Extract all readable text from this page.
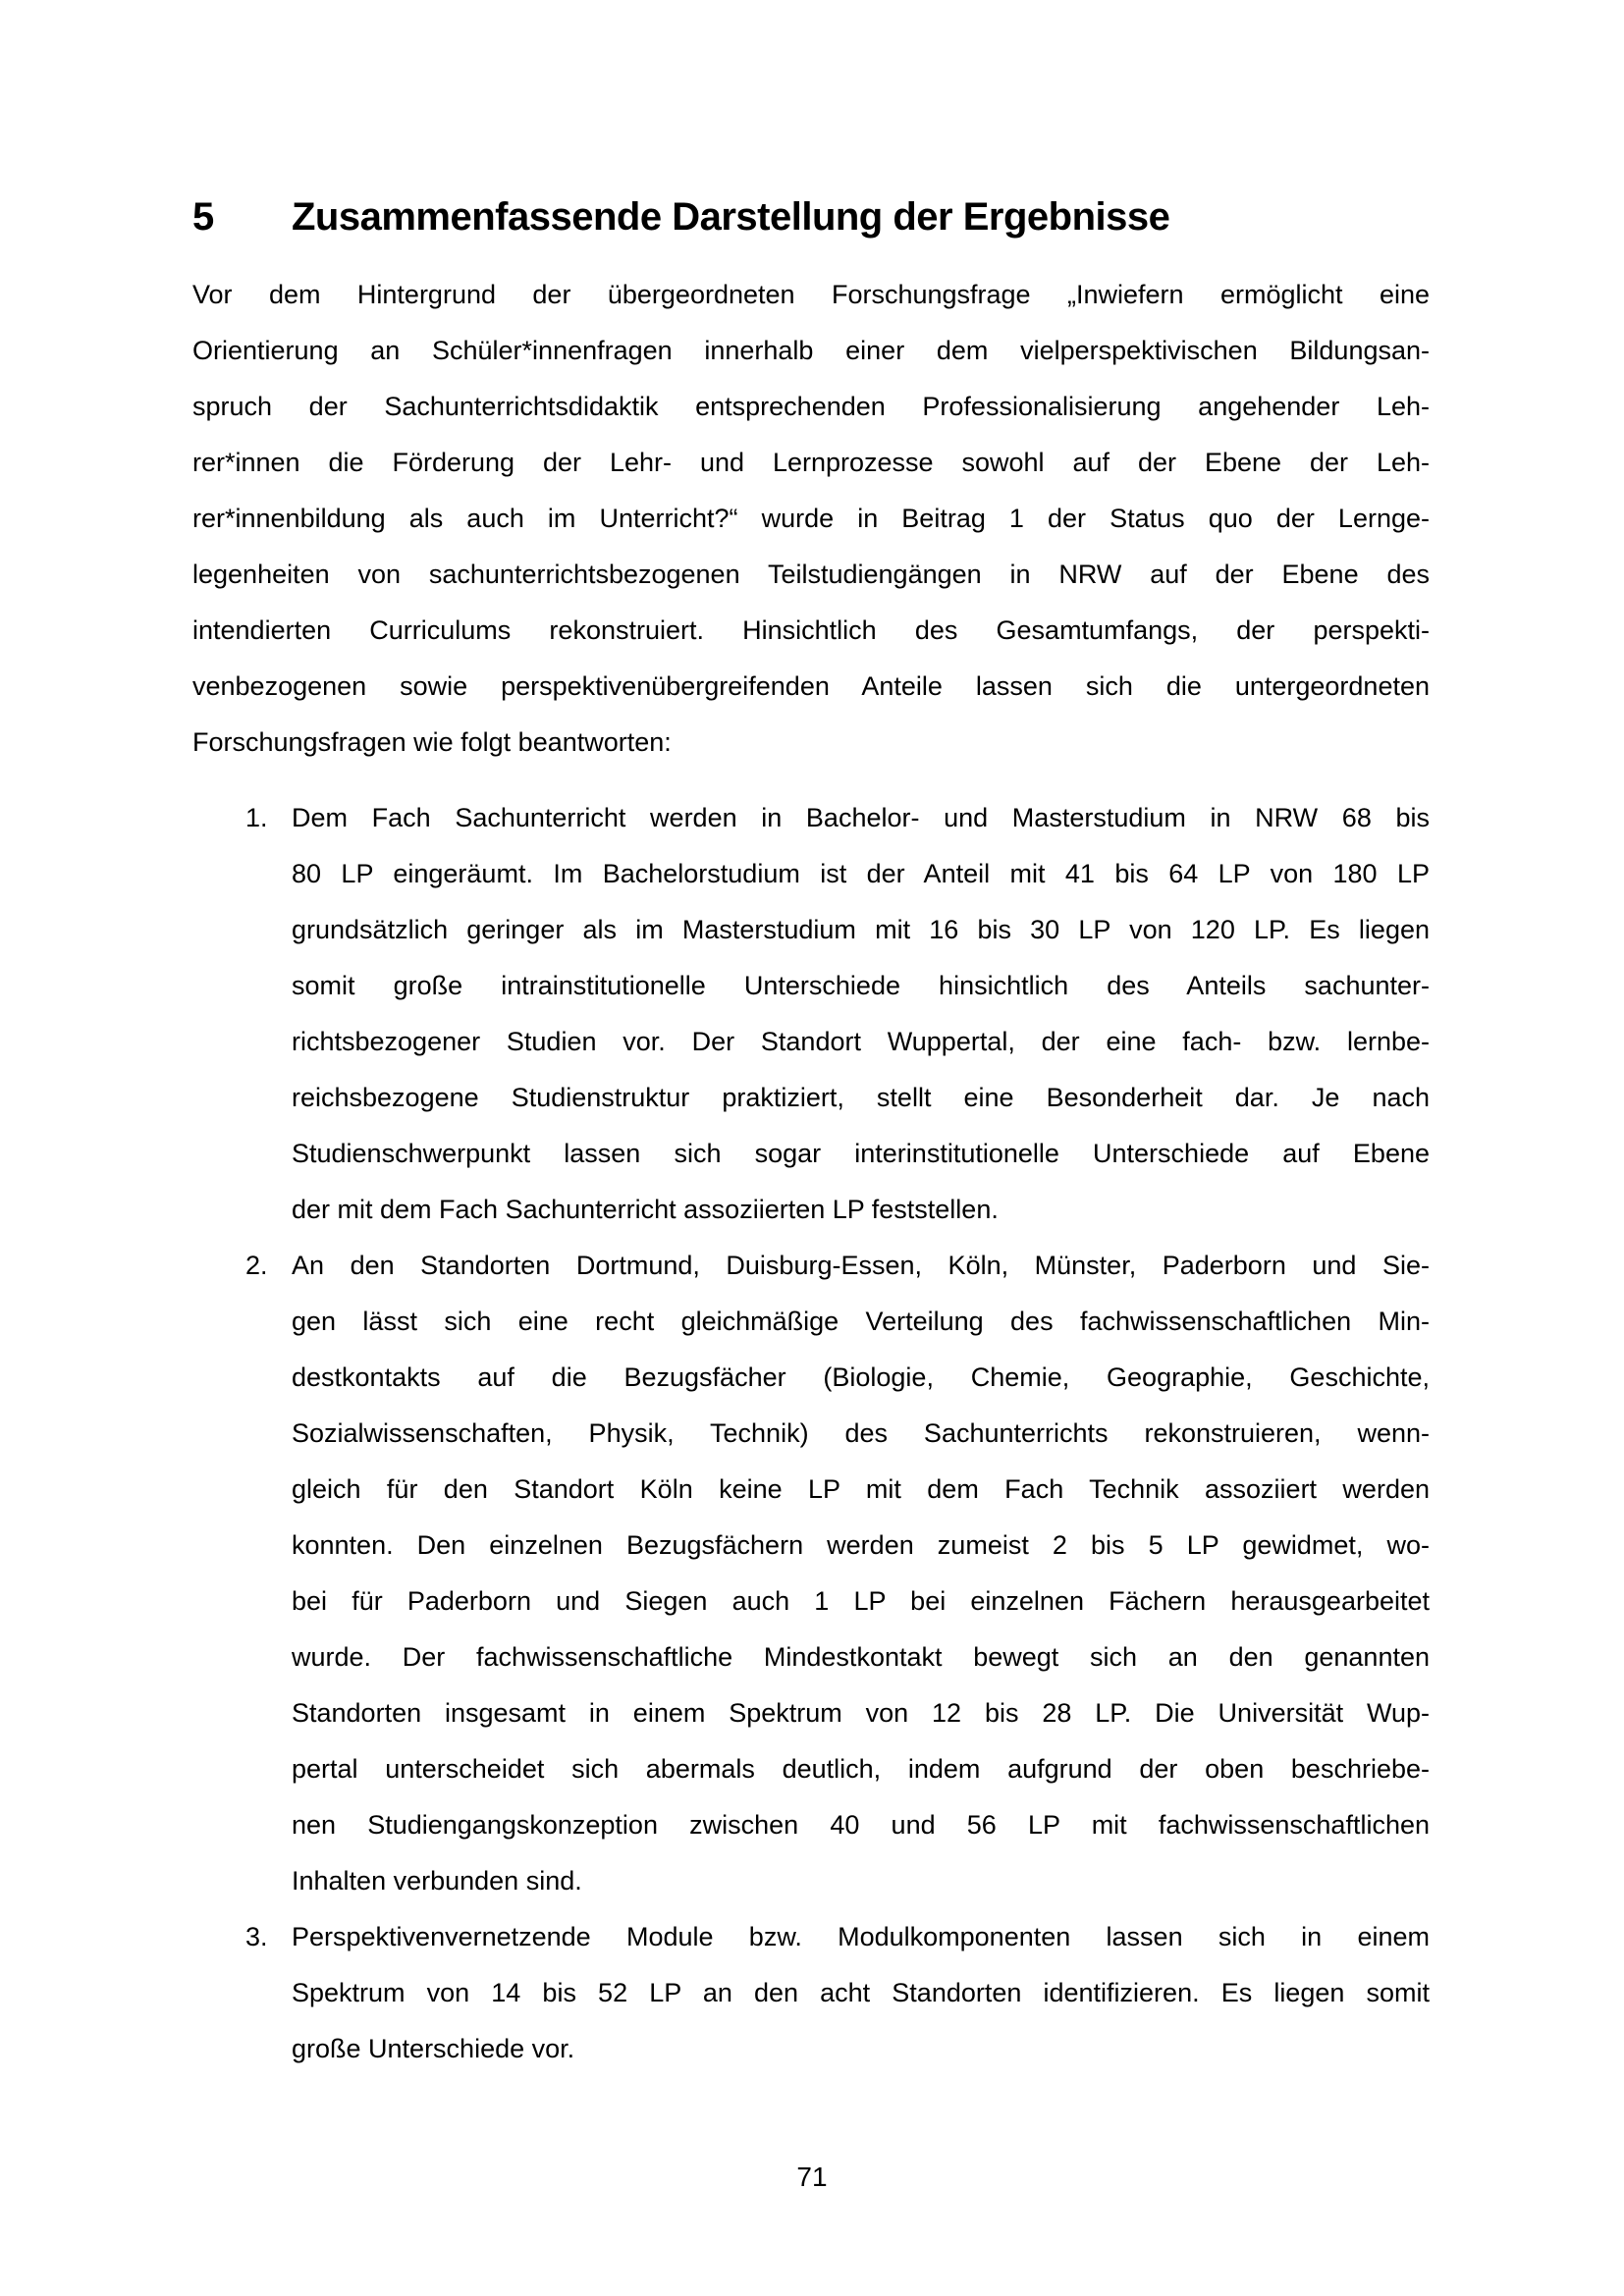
5	Zusammenfassende Darstellung der Ergebnisse
Vor dem Hintergrund der übergeordneten Forschungsfrage „Inwiefern ermöglicht eine
Orientierung an Schüler*innenfragen innerhalb einer dem vielperspektivischen Bildungsan-
spruch der Sachunterrichtsdidaktik entsprechenden Professionalisierung angehender Leh-
rer*innen die Förderung der Lehr- und Lernprozesse sowohl auf der Ebene der Leh-
rer*innenbildung als auch im Unterricht?“ wurde in Beitrag 1 der Status quo der Lernge-
legenheiten von sachunterrichtsbezogenen Teilstudiengängen in NRW auf der Ebene des
intendierten Curriculums rekonstruiert. Hinsichtlich des Gesamtumfangs, der perspekti-
venbezogenen sowie perspektivenübergreifenden Anteile lassen sich die untergeordneten
Forschungsfragen wie folgt beantworten:
1. Dem Fach Sachunterricht werden in Bachelor- und Masterstudium in NRW 68 bis
80 LP eingeräumt. Im Bachelorstudium ist der Anteil mit 41 bis 64 LP von 180 LP
grundsätzlich geringer als im Masterstudium mit 16 bis 30 LP von 120 LP. Es liegen
somit große intrainstitutionelle Unterschiede hinsichtlich des Anteils sachunter-
richtsbezogener Studien vor. Der Standort Wuppertal, der eine fach- bzw. lernbe-
reichsbezogene Studienstruktur praktiziert, stellt eine Besonderheit dar. Je nach
Studienschwerpunkt lassen sich sogar interinstitutionelle Unterschiede auf Ebene
der mit dem Fach Sachunterricht assoziierten LP feststellen.
2. An den Standorten Dortmund, Duisburg-Essen, Köln, Münster, Paderborn und Sie-
gen lässt sich eine recht gleichmäßige Verteilung des fachwissenschaftlichen Min-
destkontakts auf die Bezugsfächer (Biologie, Chemie, Geographie, Geschichte,
Sozialwissenschaften, Physik, Technik) des Sachunterrichts rekonstruieren, wenn-
gleich für den Standort Köln keine LP mit dem Fach Technik assoziiert werden
konnten. Den einzelnen Bezugsfächern werden zumeist 2 bis 5 LP gewidmet, wo-
bei für Paderborn und Siegen auch 1 LP bei einzelnen Fächern herausgearbeitet
wurde. Der fachwissenschaftliche Mindestkontakt bewegt sich an den genannten
Standorten insgesamt in einem Spektrum von 12 bis 28 LP. Die Universität Wup-
pertal unterscheidet sich abermals deutlich, indem aufgrund der oben beschriebe-
nen Studiengangskonzeption zwischen 40 und 56 LP mit fachwissenschaftlichen
Inhalten verbunden sind.
3. Perspektivenvernetzende Module bzw. Modulkomponenten lassen sich in einem
Spektrum von 14 bis 52 LP an den acht Standorten identifizieren. Es liegen somit
große Unterschiede vor.
71
